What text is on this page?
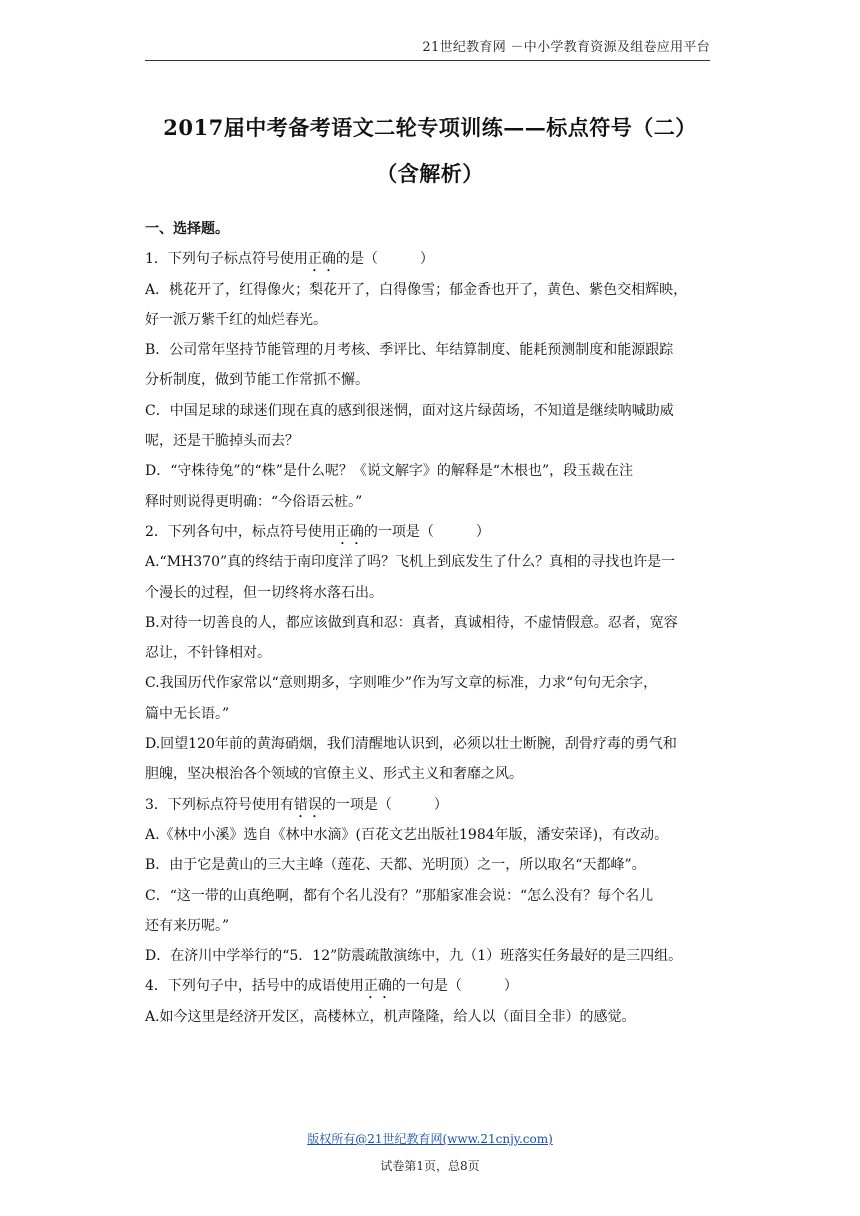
21世纪教育网 －中小学教育资源及组卷应用平台
2017届中考备考语文二轮专项训练——标点符号（二）
（含解析）
一、选择题。
1．下列句子标点符号使用正确的是（　　　）
A．桃花开了，红得像火；梨花开了，白得像雪；郁金香也开了，黄色、紫色交相辉映，
好一派万紫千红的灿烂春光。
B．公司常年坚持节能管理的月考核、季评比、年结算制度、能耗预测制度和能源跟踪
分析制度，做到节能工作常抓不懈。
C．中国足球的球迷们现在真的感到很迷惘，面对这片绿茵场，不知道是继续呐喊助威
呢，还是干脆掉头而去？
D．“守株待兔”的“株”是什么呢？《说文解字》的解释是“木根也”，段玉裁在注
释时则说得更明确：“今俗语云桩。”
2．下列各句中，标点符号使用正确的一项是（　　　）
A.“MH370”真的终结于南印度洋了吗？飞机上到底发生了什么？真相的寻找也许是一
个漫长的过程，但一切终将水落石出。
B.对待一切善良的人，都应该做到真和忍：真者，真诚相待，不虚情假意。忍者，宽容
忍让，不针锋相对。
C.我国历代作家常以“意则期多，字则唯少”作为写文章的标准，力求“句句无余字，
篇中无长语。”
D.回望120年前的黄海硝烟，我们清醒地认识到，必须以壮士断腕，刮骨疗毒的勇气和
胆魄，坚决根治各个领域的官僚主义、形式主义和奢靡之风。
3．下列标点符号使用有错误的一项是（　　　）
A.《林中小溪》选自《林中水滴》(百花文艺出版社1984年版，潘安荣译)，有改动。
B．由于它是黄山的三大主峰（莲花、天都、光明顶）之一，所以取名“天都峰”。
C．“这一带的山真绝啊，都有个名儿没有？”那船家准会说：“怎么没有？每个名儿
还有来历呢。”
D．在济川中学举行的“5．12”防震疏散演练中，九（1）班落实任务最好的是三四组。
4．下列句子中，括号中的成语使用正确的一句是（　　　）
A.如今这里是经济开发区，高楼林立，机声隆隆，给人以（面目全非）的感觉。
版权所有@21世纪教育网(www.21cnjy.com)
试卷第1页，总8页
